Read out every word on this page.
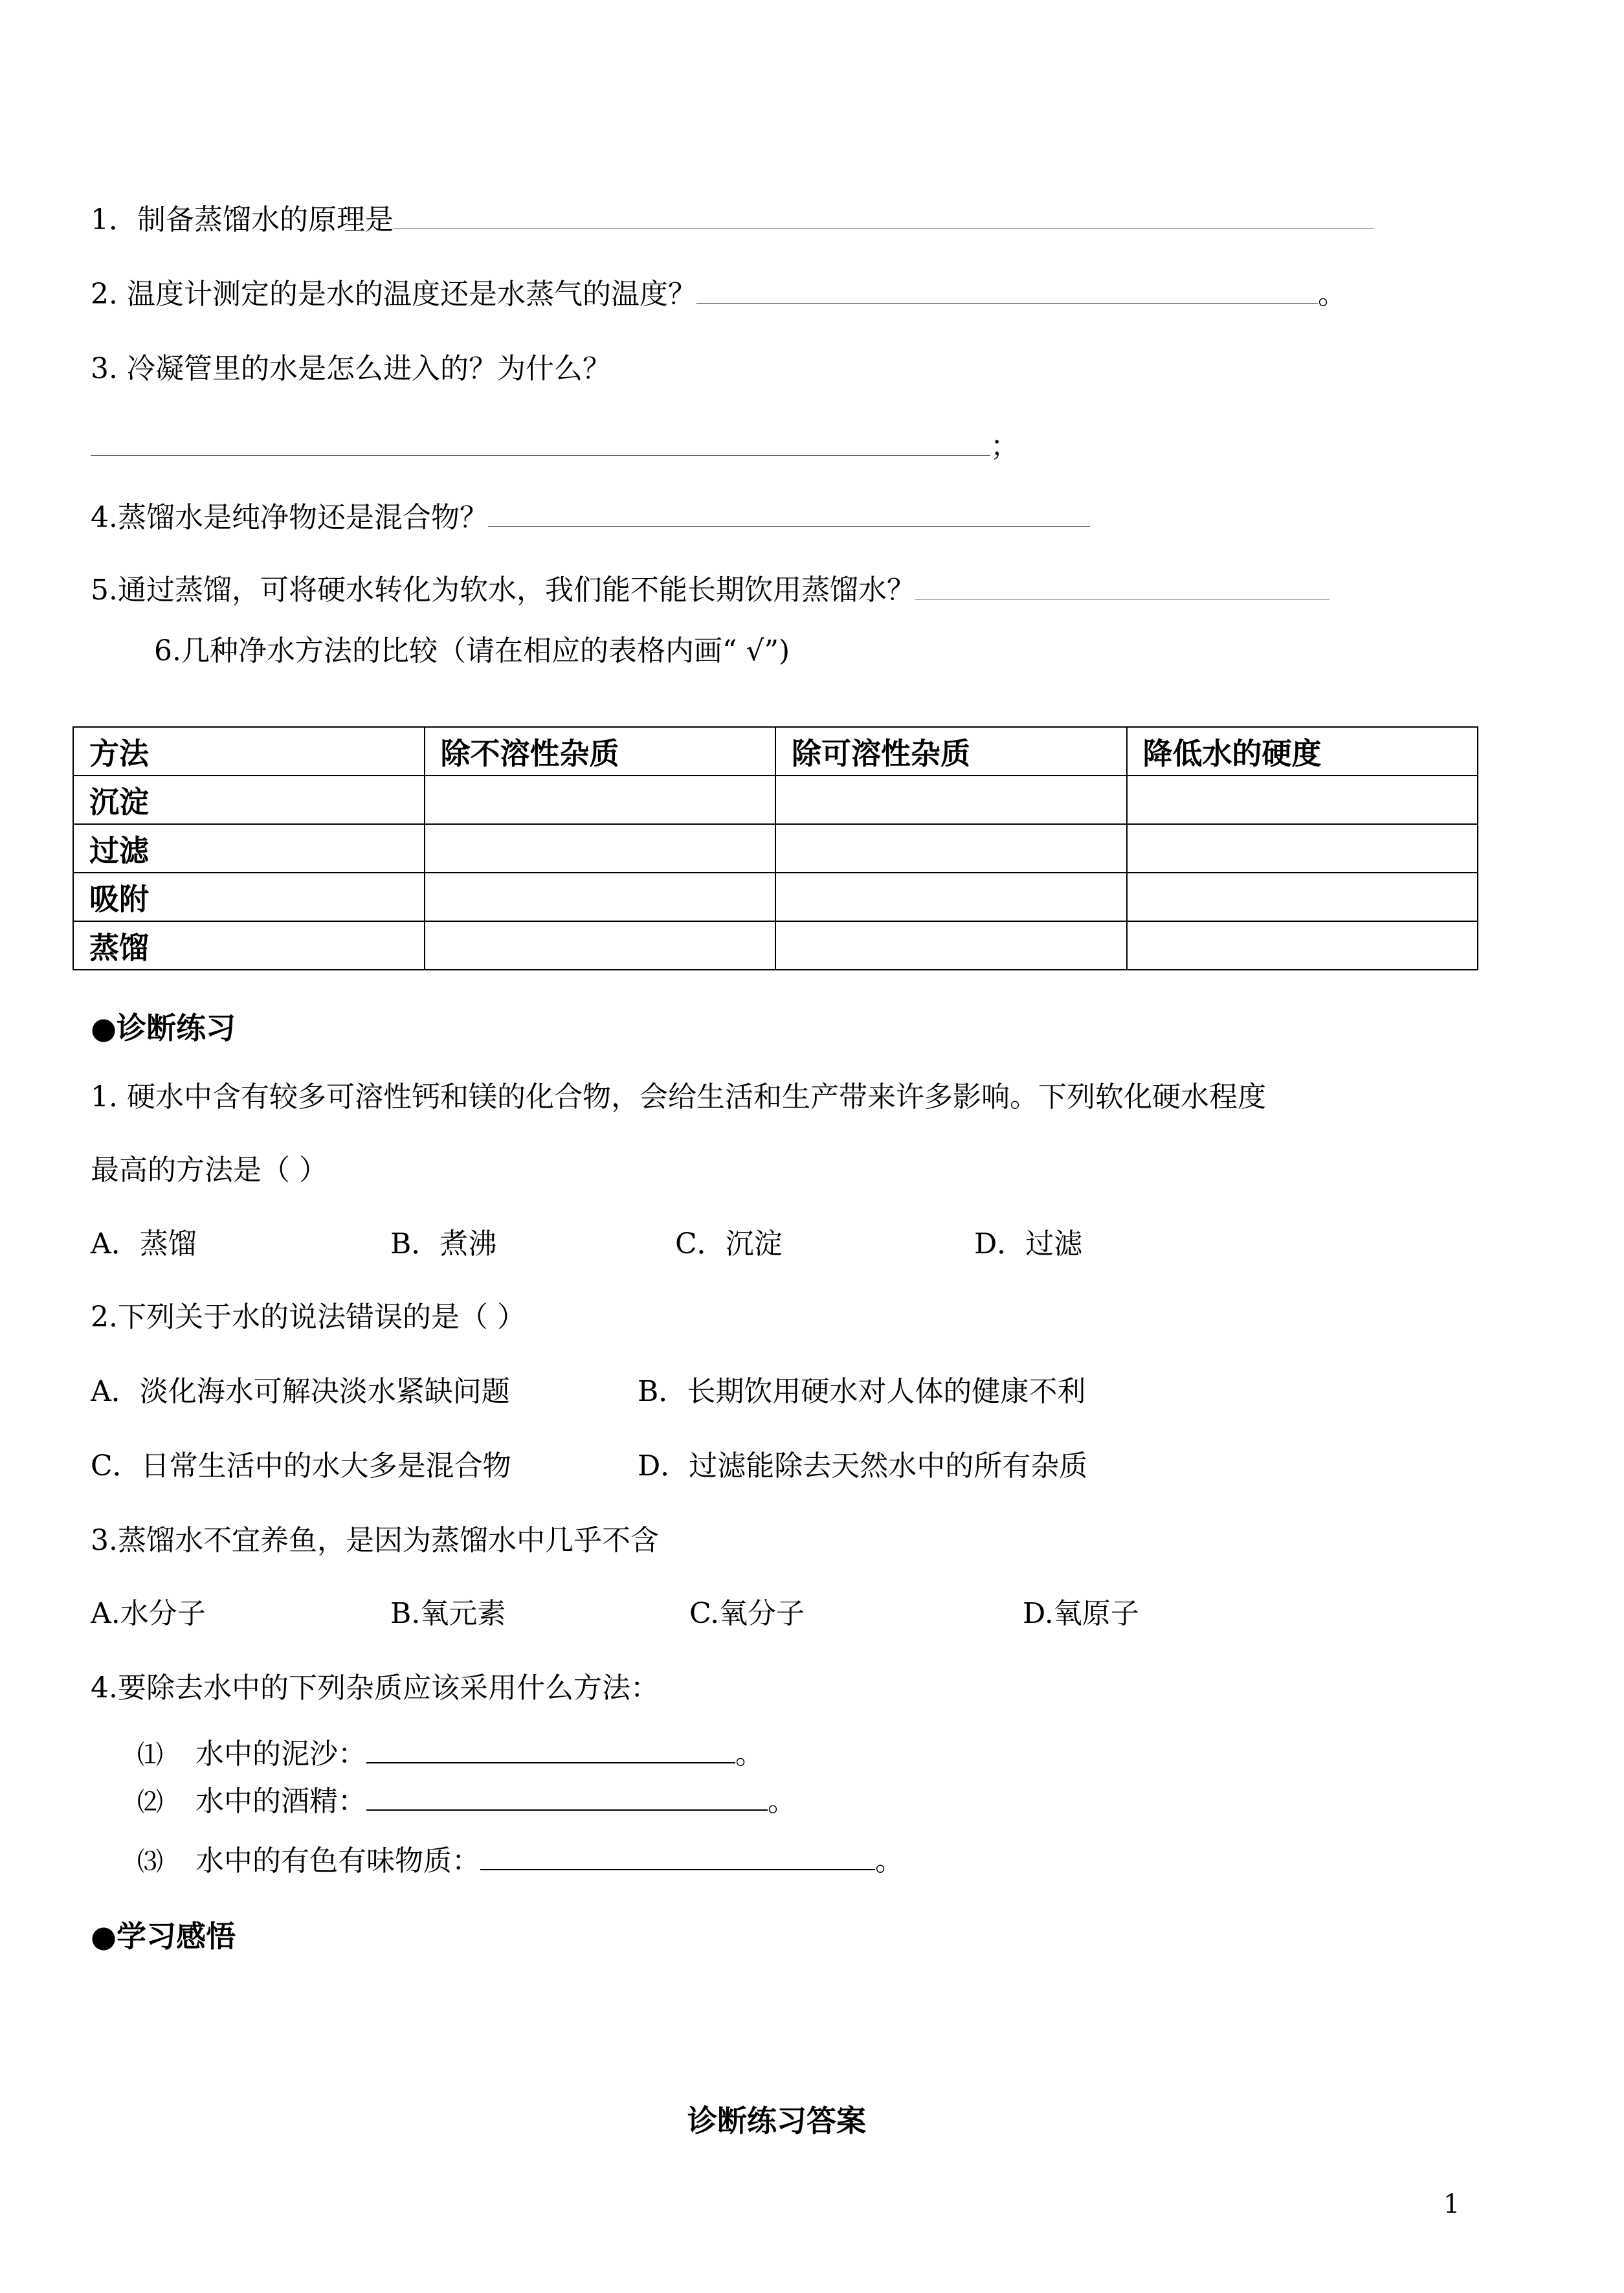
1．制备蒸馏水的原理是
2. 温度计测定的是水的温度还是水蒸气的温度？	。
3. 冷凝管里的水是怎么进入的？为什么？
；
4.蒸馏水是纯净物还是混合物？
5.通过蒸馏，可将硬水转化为软水，我们能不能长期饮用蒸馏水？
6.几种净水方法的比较（请在相应的表格内画“ √”)
方法	除不溶性杂质	除可溶性杂质	降低水的硬度
沉淀			
过滤			
吸附			
蒸馏			
●诊断练习
1. 硬水中含有较多可溶性钙和镁的化合物，会给生活和生产带来许多影响。下列软化硬水程度
最高的方法是（ ）
A．蒸馏	B．煮沸	C．沉淀	D．过滤
2.下列关于水的说法错误的是（ ）
A．淡化海水可解决淡水紧缺问题	B．长期饮用硬水对人体的健康不利
C．日常生活中的水大多是混合物	D．过滤能除去天然水中的所有杂质
3.蒸馏水不宜养鱼，是因为蒸馏水中几乎不含
A.水分子	B.氧元素	C.氧分子	D.氧原子
4.要除去水中的下列杂质应该采用什么方法：
⑴ 水中的泥沙：	。
⑵ 水中的酒精：	。
⑶ 水中的有色有味物质：	。
●学习感悟
诊断练习答案
1
